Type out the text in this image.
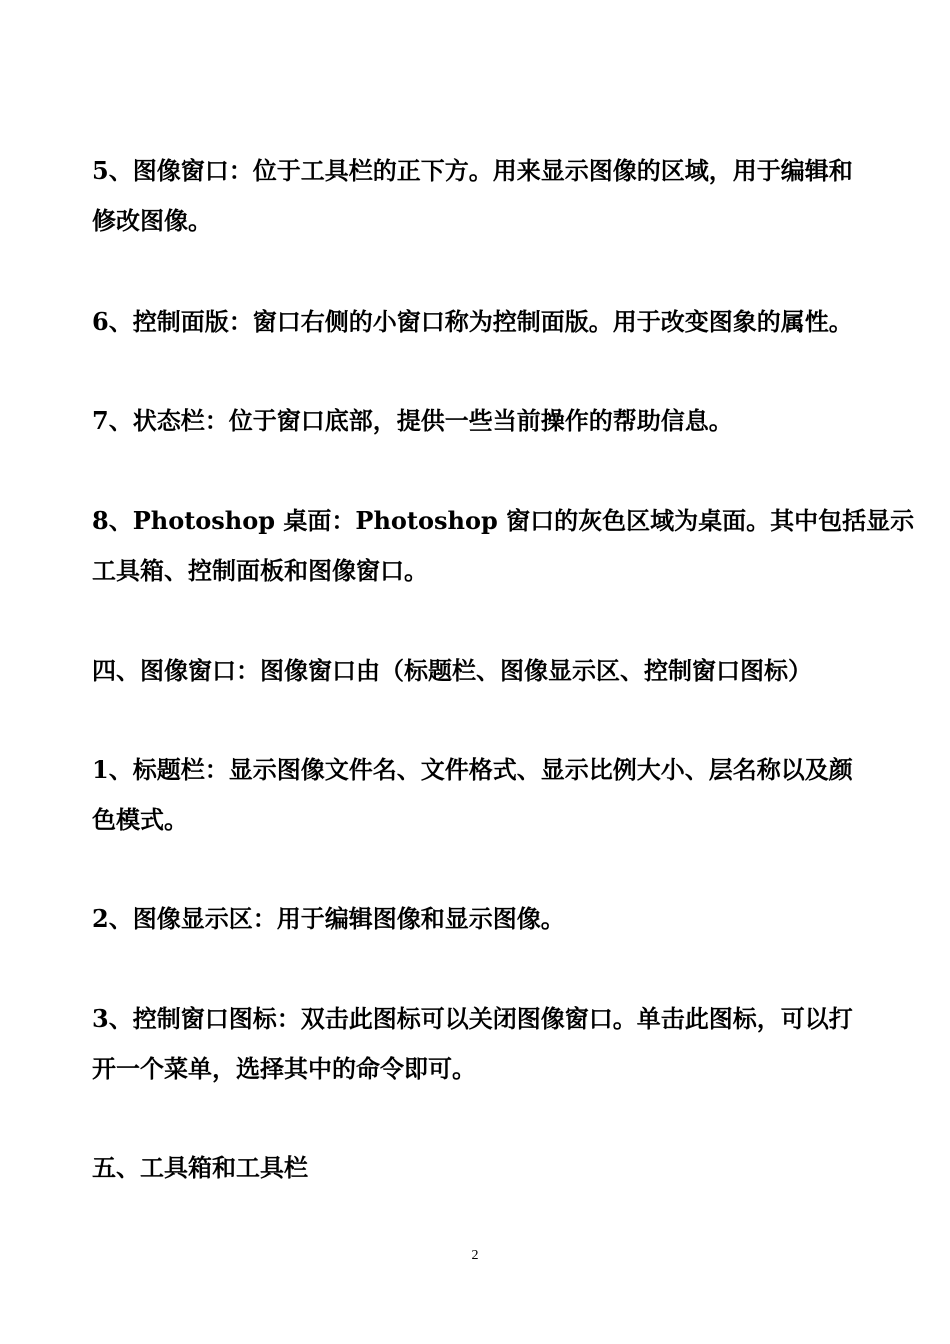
5、图像窗口：位于工具栏的正下方。用来显示图像的区域，用于编辑和
修改图像。
6、控制面版：窗口右侧的小窗口称为控制面版。用于改变图象的属性。
7、状态栏：位于窗口底部，提供一些当前操作的帮助信息。
8、Photoshop 桌面：Photoshop 窗口的灰色区域为桌面。其中包括显示
工具箱、控制面板和图像窗口。
四、图像窗口：图像窗口由（标题栏、图像显示区、控制窗口图标）
1、标题栏：显示图像文件名、文件格式、显示比例大小、层名称以及颜
色模式。
2、图像显示区：用于编辑图像和显示图像。
3、控制窗口图标：双击此图标可以关闭图像窗口。单击此图标，可以打
开一个菜单，选择其中的命令即可。
五、工具箱和工具栏
2
